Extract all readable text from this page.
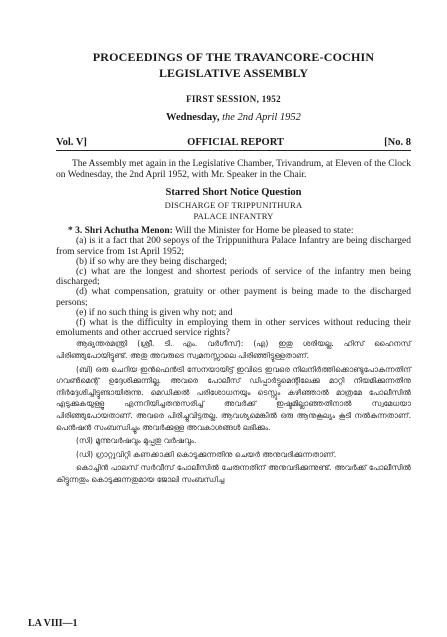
PROCEEDINGS OF THE TRAVANCORE-COCHIN
LEGISLATIVE ASSEMBLY
FIRST SESSION, 1952
Wednesday, the 2nd April 1952
Vol. V]	OFFICIAL REPORT	[No. 8

The Assembly met again in the Legislative Chamber, Trivandrum, at Eleven of the Clock on Wednesday, the 2nd April 1952, with Mr. Speaker in the Chair.

Starred Short Notice Question
DISCHARGE OF TRIPPUNITHURA
PALACE INFANTRY

* 3. Shri Achutha Menon: Will the Minister for Home be pleased to state:

(a) is it a fact that 200 sepoys of the Trippunithura Palace Infantry are being discharged from service from 1st April 1952;

(b) if so why are they being discharged;

(c) what are the longest and shortest periods of service of the infantry men being discharged;

(d) what compensation, gratuity or other payment is being made to the discharged persons;

(e) if no such thing is given why not; and

(f) what is the difficulty in employing them in other services without reducing their emoluments and other accrued service rights?

ആഭ്യന്തരമന്ത്രി (ശ്രീ. ടി. എം. വർഗീസ്): (എ) ഇതു ശരിയല്ല. ഹിസ് ഹൈനസ് പിരിഞ്ഞുപോയിട്ടുണ്ട്. അതു അവരുടെ സ്വമനസ്സാലെ പിരിഞ്ഞിട്ടുള്ളതാണ്.

(ബി) ഒരു ചെറിയ ഇൻഫെൻട്രി സേനയായിട്ട് ഇവിടെ ഇവരെ നിലനിർത്തിക്കൊണ്ടുപോകുന്നതിന് ഗവൺമെന്റ് ഉദ്ദേശിക്കുന്നില്ല. അവരെ പോലീസ് ഡിപ്പാർട്ടുമെന്റിലേക്കു മാറ്റി നിയമിക്കുന്നതിനു നിർദ്ദേശിച്ചിട്ടുണ്ടായിരുന്നു. മെഡിക്കൽ പരിശോധനയും ടെസ്റ്റും കഴിഞ്ഞാൽ മാത്രമേ പോലീസിൽ എടുക്കുകയുള്ളൂ എന്നറിയിച്ചതനുസരിച്ച് അവർക്ക് ഇഷ്ടമില്ലാഞ്ഞതിനാൽ സ്വമേധയാ പിരിഞ്ഞുപോയതാണ്. അവരെ പിരിച്ചുവിട്ടതല്ല. ആവശ്യമെങ്കിൽ ഒരു ആനുകൂല്യം കൂടി നൽകുന്നതാണ്. പെൻഷൻ സംബന്ധിച്ചും അവർക്കുള്ള അവകാശങ്ങൾ ലഭിക്കും.

(സി) മൂന്നുവർഷവും മുപ്പതു വർഷവും.

(ഡി) ഗ്രാറ്റുവിറ്റി കണക്കാക്കി കൊടുക്കുന്നതിനു ചെയർ അനുവദിക്കുന്നതാണ്.

കൊച്ചിൻ പാലസ് സർവീസ് പോലീസിൽ ചേരുന്നതിന് അനുവദിക്കുന്നുണ്ട്. അവർക്ക് പോലീസിൽ കിട്ടുന്നതും കൊടുക്കുന്നതുമായ ജോലി സംബന്ധിച്ച

LA VIII—1
